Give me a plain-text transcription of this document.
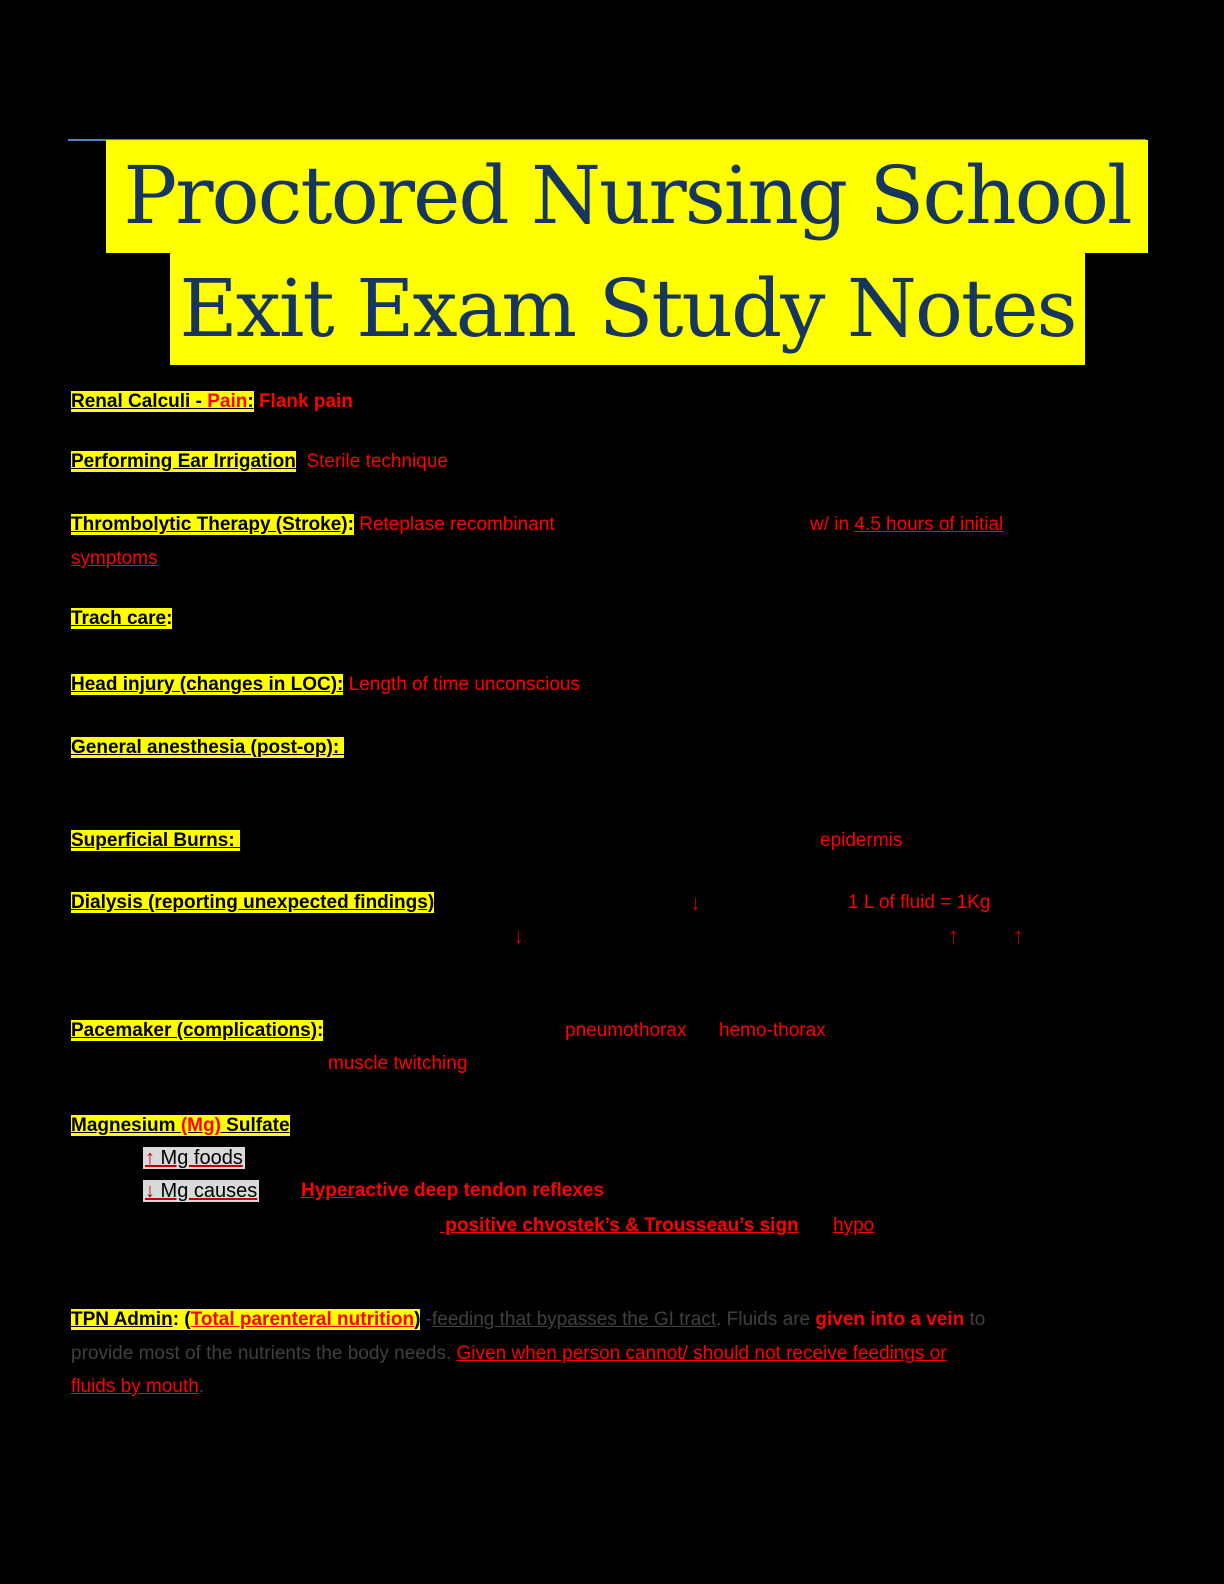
Proctored Nursing School
Exit Exam Study Notes
Renal Calculi - Pain: Flank pain
Performing Ear Irrigation Sterile technique
Thrombolytic Therapy (Stroke): Reteplase recombinant	w/ in 4.5 hours of initial
symptoms
Trach care:
Head injury (changes in LOC): Length of time unconscious
General anesthesia (post-op):
Superficial Burns:	epidermis
Dialysis (reporting unexpected findings)	↓	1 L of fluid = 1Kg
↓	↑ ↑
Pacemaker (complications):	pneumothorax hemo-thorax
muscle twitching
Magnesium (Mg) Sulfate
↑ Mg foods
↓ Mg causes Hyperactive deep tendon reflexes
positive chvostek’s & Trousseau’s sign hypo
TPN Admin: (Total parenteral nutrition) -feeding that bypasses the GI tract. Fluids are given into a vein to
provide most of the nutrients the body needs. Given when person cannot/ should not receive feedings or
fluids by mouth.
